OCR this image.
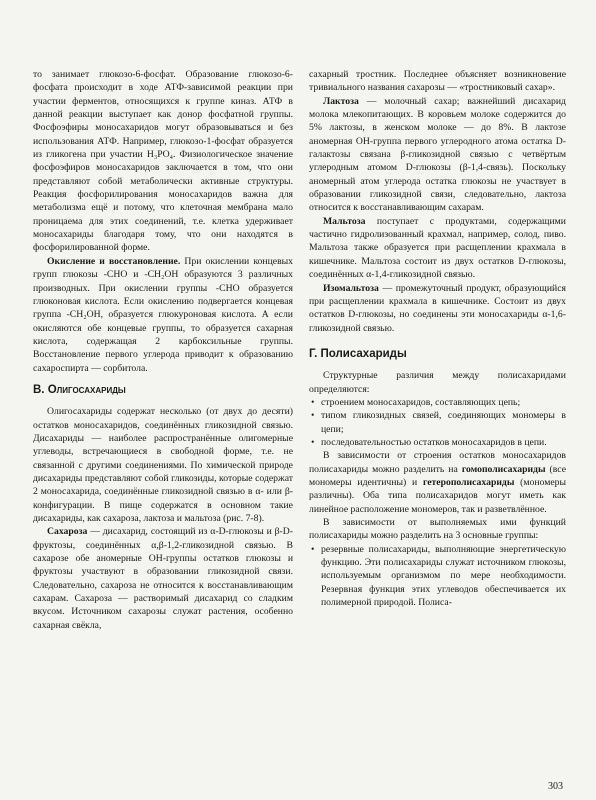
то занимает глюкозо-6-фосфат. Образование глюкозо-6-фосфата происходит в ходе АТФ-зависимой реакции при участии ферментов, относящихся к группе киназ. АТФ в данной реакции выступает как донор фосфатной группы. Фосфоэфиры моносахаридов могут образовываться и без использования АТФ. Например, глюкозо-1-фосфат образуется из гликогена при участии H₃PO₄. Физиологическое значение фосфоэфиров моносахаридов заключается в том, что они представляют собой метаболически активные структуры. Реакция фосфорилирования моносахаридов важна для метаболизма ещё и потому, что клеточная мембрана мало проницаема для этих соединений, т.е. клетка удерживает моносахариды благодаря тому, что они находятся в фосфорилированной форме.

Окисление и восстановление. При окислении концевых групп глюкозы -CHO и -CH₂OH образуются 3 различных производных. При окислении группы -CHO образуется глюконовая кислота. Если окислению подвергается концевая группа -CH₂OH, образуется глюкуроновая кислота. А если окисляются обе концевые группы, то образуется сахарная кислота, содержащая 2 карбоксильные группы. Восстановление первого углерода приводит к образованию сахароспирта — сорбитола.

В. Олигосахариды

Олигосахариды содержат несколько (от двух до десяти) остатков моносахаридов, соединённых гликозидной связью. Дисахариды — наиболее распространённые олигомерные углеводы, встречающиеся в свободной форме, т.е. не связанной с другими соединениями. По химической природе дисахариды представляют собой гликозиды, которые содержат 2 моносахарида, соединённые гликозидной связью в α- или β-конфигурации. В пище содержатся в основном такие дисахариды, как сахароза, лактоза и мальтоза (рис. 7-8).

Сахароза — дисахарид, состоящий из α-D-глюкозы и β-D-фруктозы, соединённых α,β-1,2-гликозидной связью. В сахарозе обе аномерные ОН-группы остатков глюкозы и фруктозы участвуют в образовании гликозидной связи. Следовательно, сахароза не относится к восстанавливающим сахарам. Сахароза — растворимый дисахарид со сладким вкусом. Источником сахарозы служат растения, особенно сахарная свёкла,

сахарный тростник. Последнее объясняет возникновение тривиального названия сахарозы — «тростниковый сахар».

Лактоза — молочный сахар; важнейший дисахарид молока млекопитающих. В коровьем молоке содержится до 5% лактозы, в женском молоке — до 8%. В лактозе аномерная ОН-группа первого углеродного атома остатка D-галактозы связана β-гликозидной связью с четвёртым углеродным атомом D-глюкозы (β-1,4-связь). Поскольку аномерный атом углерода остатка глюкозы не участвует в образовании гликозидной связи, следовательно, лактоза относится к восстанавливающим сахарам.

Мальтоза поступает с продуктами, содержащими частично гидролизованный крахмал, например, солод, пиво. Мальтоза также образуется при расщеплении крахмала в кишечнике. Мальтоза состоит из двух остатков D-глюкозы, соединённых α-1,4-гликозидной связью.

Изомальтоза — промежуточный продукт, образующийся при расщеплении крахмала в кишечнике. Состоит из двух остатков D-глюкозы, но соединены эти моносахариды α-1,6-гликозидной связью.

Г. Полисахариды

Структурные различия между полисахаридами определяются:

• строением моносахаридов, составляющих цепь;
• типом гликозидных связей, соединяющих мономеры в цепи;
• последовательностью остатков моносахаридов в цепи.

В зависимости от строения остатков моносахаридов полисахариды можно разделить на гомополисахариды (все мономеры идентичны) и гетерополисахариды (мономеры различны). Оба типа полисахаридов могут иметь как линейное расположение мономеров, так и разветвлённое.

В зависимости от выполняемых ими функций полисахариды можно разделить на 3 основные группы:

• резервные полисахариды, выполняющие энергетическую функцию. Эти полисахариды служат источником глюкозы, используемым организмом по мере необходимости. Резервная функция этих углеводов обеспечивается их полимерной природой. Полиса-
303
